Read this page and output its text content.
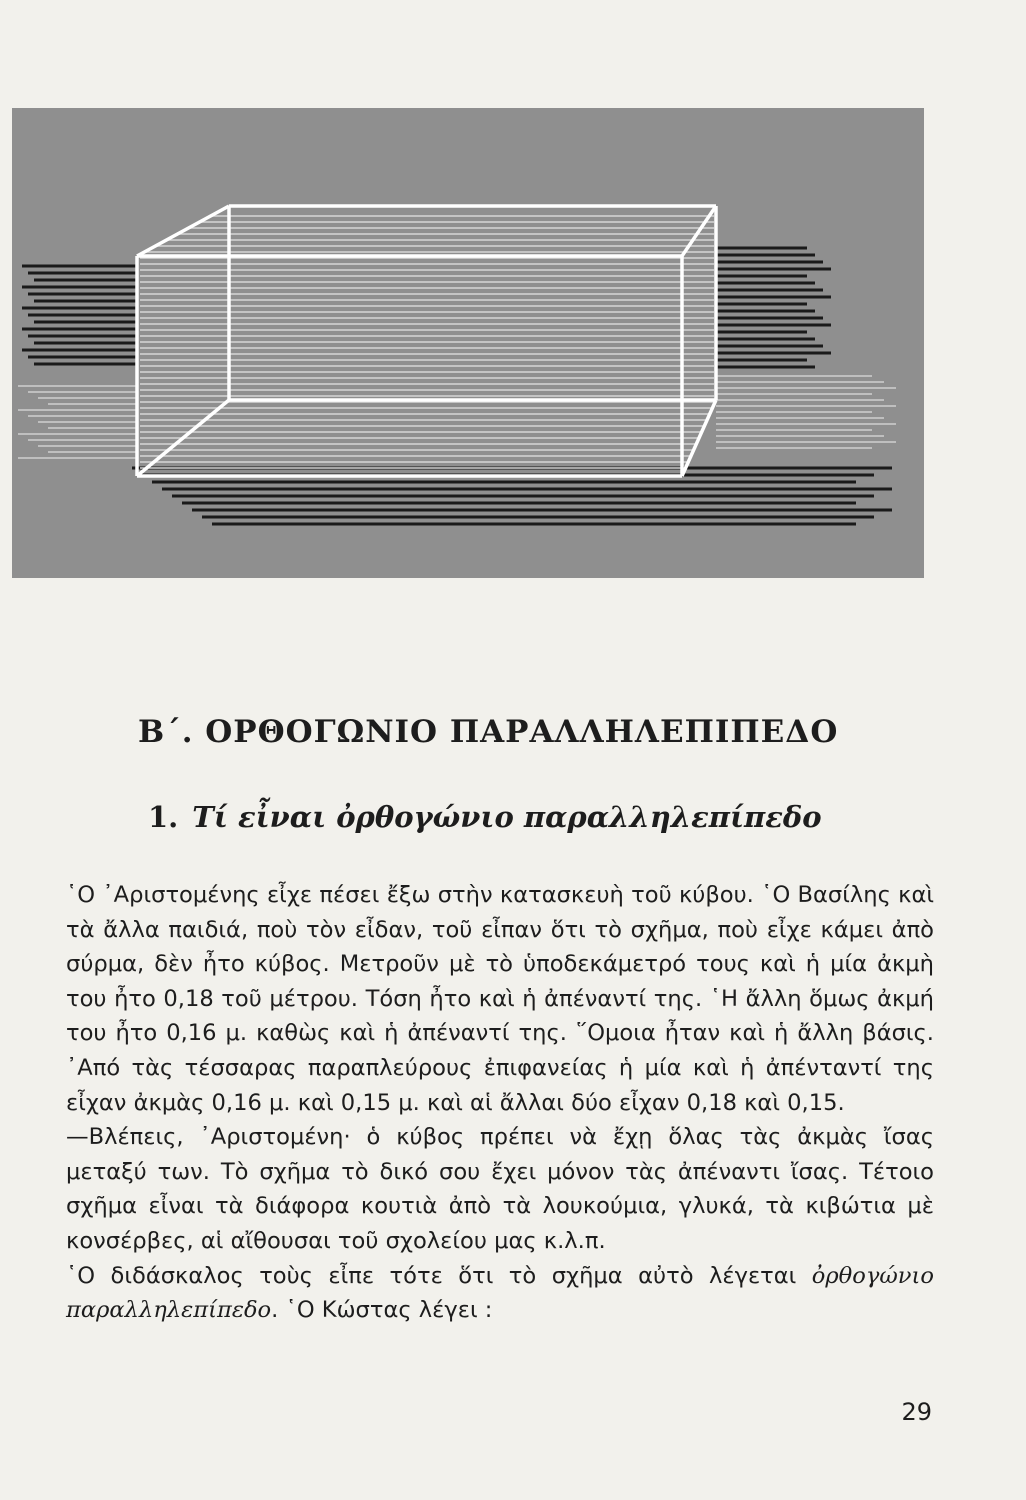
Β΄. ΟΡΘΟΓΩΝΙΟ ΠΑΡΑΛΛΗΛΕΠΙΠΕΔΟ
1. Τί εἶναι ὀρθογώνιο παραλληλεπίπεδο

῾Ο ᾽Αριστομένης εἶχε πέσει ἔξω στὴν κατασκευὴ τοῦ κύβου. ῾Ο Βασίλης καὶ τὰ ἄλλα παιδιά, ποὺ τὸν εἶδαν, τοῦ εἶπαν ὅτι τὸ σχῆμα, ποὺ εἶχε κάμει ἀπὸ σύρμα, δὲν ἦτο κύβος. Μετροῦν μὲ τὸ ὑποδεκάμετρό τους καὶ ἡ μία ἀκμὴ του ἦτο 0,18 τοῦ μέτρου. Τόση ἦτο καὶ ἡ ἀπέναντί της. ῾Η ἄλλη ὅμως ἀκμή του ἦτο 0,16 μ. καθὼς καὶ ἡ ἀπέναντί της. ῞Ομοια ἦταν καὶ ἡ ἄλλη βάσις. ᾽Από τὰς τέσσαρας παραπλεύρους ἐπιφανείας ἡ μία καὶ ἡ ἀπένταντί της εἶχαν ἀκμὰς 0,16 μ. καὶ 0,15 μ. καὶ αἱ ἄλλαι δύο εἶχαν 0,18 καὶ 0,15.

—Βλέπεις, ᾽Αριστομένη· ὁ κύβος πρέπει νὰ ἔχῃ ὅλας τὰς ἀκμὰς ἴσας μεταξύ των. Τὸ σχῆμα τὸ δικό σου ἔχει μόνον τὰς ἀπέναντι ἴσας. Τέτοιο σχῆμα εἶναι τὰ διάφορα κουτιὰ ἀπὸ τὰ λουκούμια, γλυκά, τὰ κιβώτια μὲ κονσέρβες, αἱ αἴθουσαι τοῦ σχολείου μας κ.λ.π.

῾Ο διδάσκαλος τοὺς εἶπε τότε ὅτι τὸ σχῆμα αὐτὸ λέγεται ὀρθογώνιο παραλληλεπίπεδο. ῾Ο Κώστας λέγει :

29
